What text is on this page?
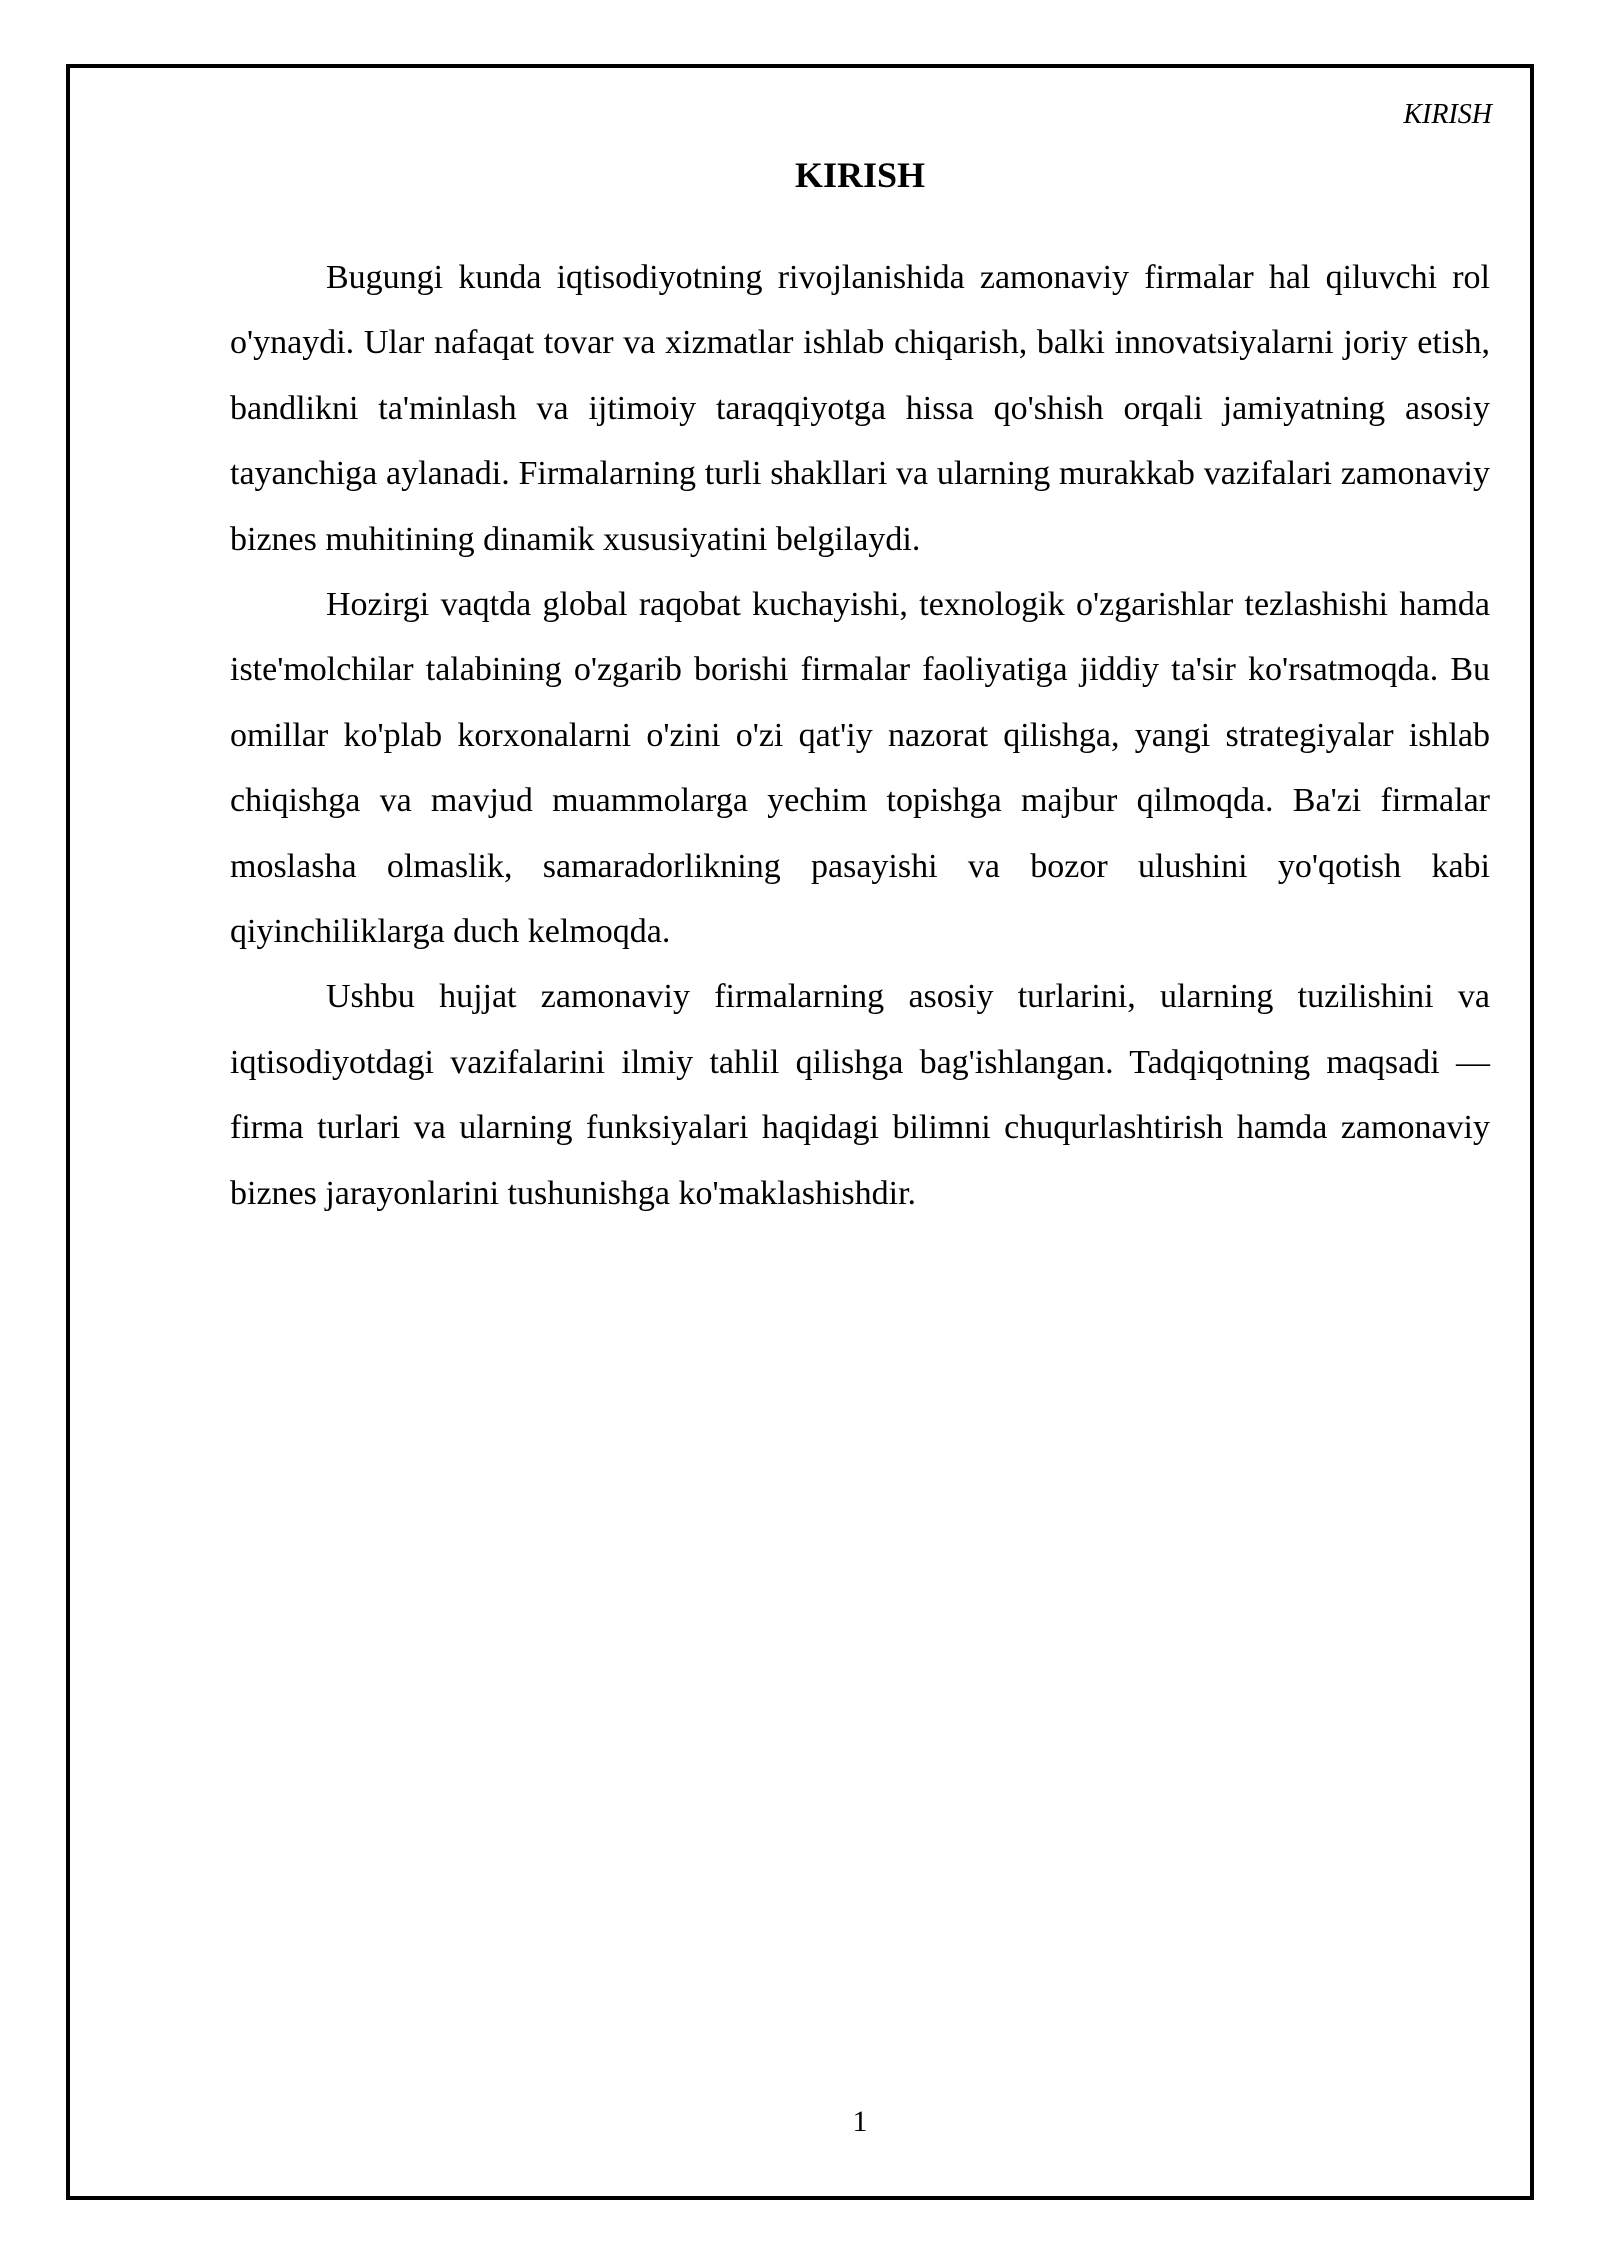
KIRISH
KIRISH

Bugungi kunda iqtisodiyotning rivojlanishida zamonaviy firmalar hal qiluvchi rol o'ynaydi. Ular nafaqat tovar va xizmatlar ishlab chiqarish, balki innovatsiyalarni joriy etish, bandlikni ta'minlash va ijtimoiy taraqqiyotga hissa qo'shish orqali jamiyatning asosiy tayanchiga aylanadi. Firmalarning turli shakllari va ularning murakkab vazifalari zamonaviy biznes muhitining dinamik xususiyatini belgilaydi.

Hozirgi vaqtda global raqobat kuchayishi, texnologik o'zgarishlar tezlashishi hamda iste'molchilar talabining o'zgarib borishi firmalar faoliyatiga jiddiy ta'sir ko'rsatmoqda. Bu omillar ko'plab korxonalarni o'zini o'zi qat'iy nazorat qilishga, yangi strategiyalar ishlab chiqishga va mavjud muammolarga yechim topishga majbur qilmoqda. Ba'zi firmalar moslasha olmaslik, samaradorlikning pasayishi va bozor ulushini yo'qotish kabi qiyinchiliklarga duch kelmoqda.

Ushbu hujjat zamonaviy firmalarning asosiy turlarini, ularning tuzilishini va iqtisodiyotdagi vazifalarini ilmiy tahlil qilishga bag'ishlangan. Tadqiqotning maqsadi — firma turlari va ularning funksiyalari haqidagi bilimni chuqurlashtirish hamda zamonaviy biznes jarayonlarini tushunishga ko'maklashishdir.

1
